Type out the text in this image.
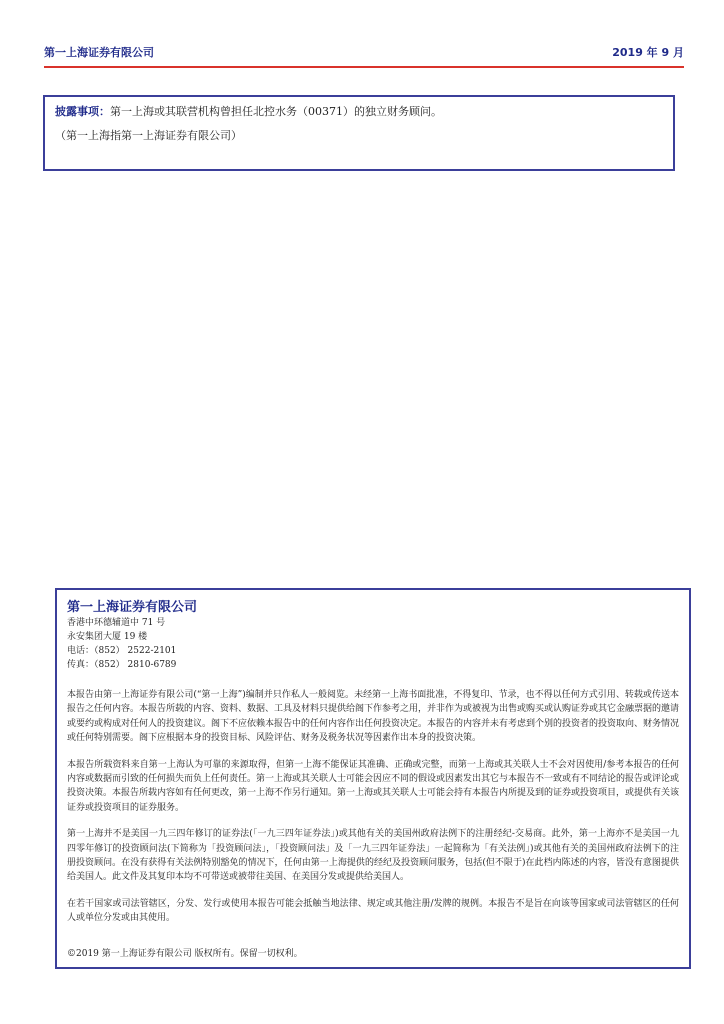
第一上海证券有限公司	2019 年 9 月
披露事项：第一上海或其联营机构曾担任北控水务（00371）的独立财务顾问。
（第一上海指第一上海证券有限公司）
第一上海证券有限公司
香港中环德辅道中 71 号
永安集团大厦 19 楼
电话：（852） 2522-2101
传真：（852） 2810-6789

本报告由第一上海证券有限公司(“第一上海”)编制并只作私人一般阅览。未经第一上海书面批准，不得复印、节录，也不得以任何方式引用、转载或传送本报告之任何内容。本报告所载的内容、资料、数据、工具及材料只提供给阁下作参考之用，并非作为或被视为出售或购买或认购证券或其它金融票据的邀请或要约或构成对任何人的投资建议。阁下不应依赖本报告中的任何内容作出任何投资决定。本报告的内容并未有考虑到个别的投资者的投资取向、财务情况或任何特别需要。阁下应根据本身的投资目标、风险评估、财务及税务状况等因素作出本身的投资决策。

本报告所载资料来自第一上海认为可靠的来源取得，但第一上海不能保证其准确、正确或完整，而第一上海或其关联人士不会对因使用/参考本报告的任何内容或数据而引致的任何损失而负上任何责任。第一上海或其关联人士可能会因应不同的假设或因素发出其它与本报告不一致或有不同结论的报告或评论或投资决策。本报告所载内容如有任何更改，第一上海不作另行通知。第一上海或其关联人士可能会持有本报告内所提及到的证券或投资项目，或提供有关该证券或投资项目的证券服务。

第一上海并不是美国一九三四年修订的证券法(「一九三四年证券法」)或其他有关的美国州政府法例下的注册经纪-交易商。此外，第一上海亦不是美国一九四零年修订的投资顾问法(下简称为「投资顾问法」，「投资顾问法」及「一九三四年证券法」一起简称为「有关法例」)或其他有关的美国州政府法例下的注册投资顾问。在没有获得有关法例特别豁免的情况下，任何由第一上海提供的经纪及投资顾问服务，包括(但不限于)在此档内陈述的内容，皆没有意图提供给美国人。此文件及其复印本均不可带送或被带往美国、在美国分发或提供给美国人。

在若干国家或司法管辖区，分发、发行或使用本报告可能会抵触当地法律、规定或其他注册/发牌的规例。本报告不是旨在向该等国家或司法管辖区的任何人或单位分发或由其使用。

©2019 第一上海证券有限公司 版权所有。保留一切权利。
